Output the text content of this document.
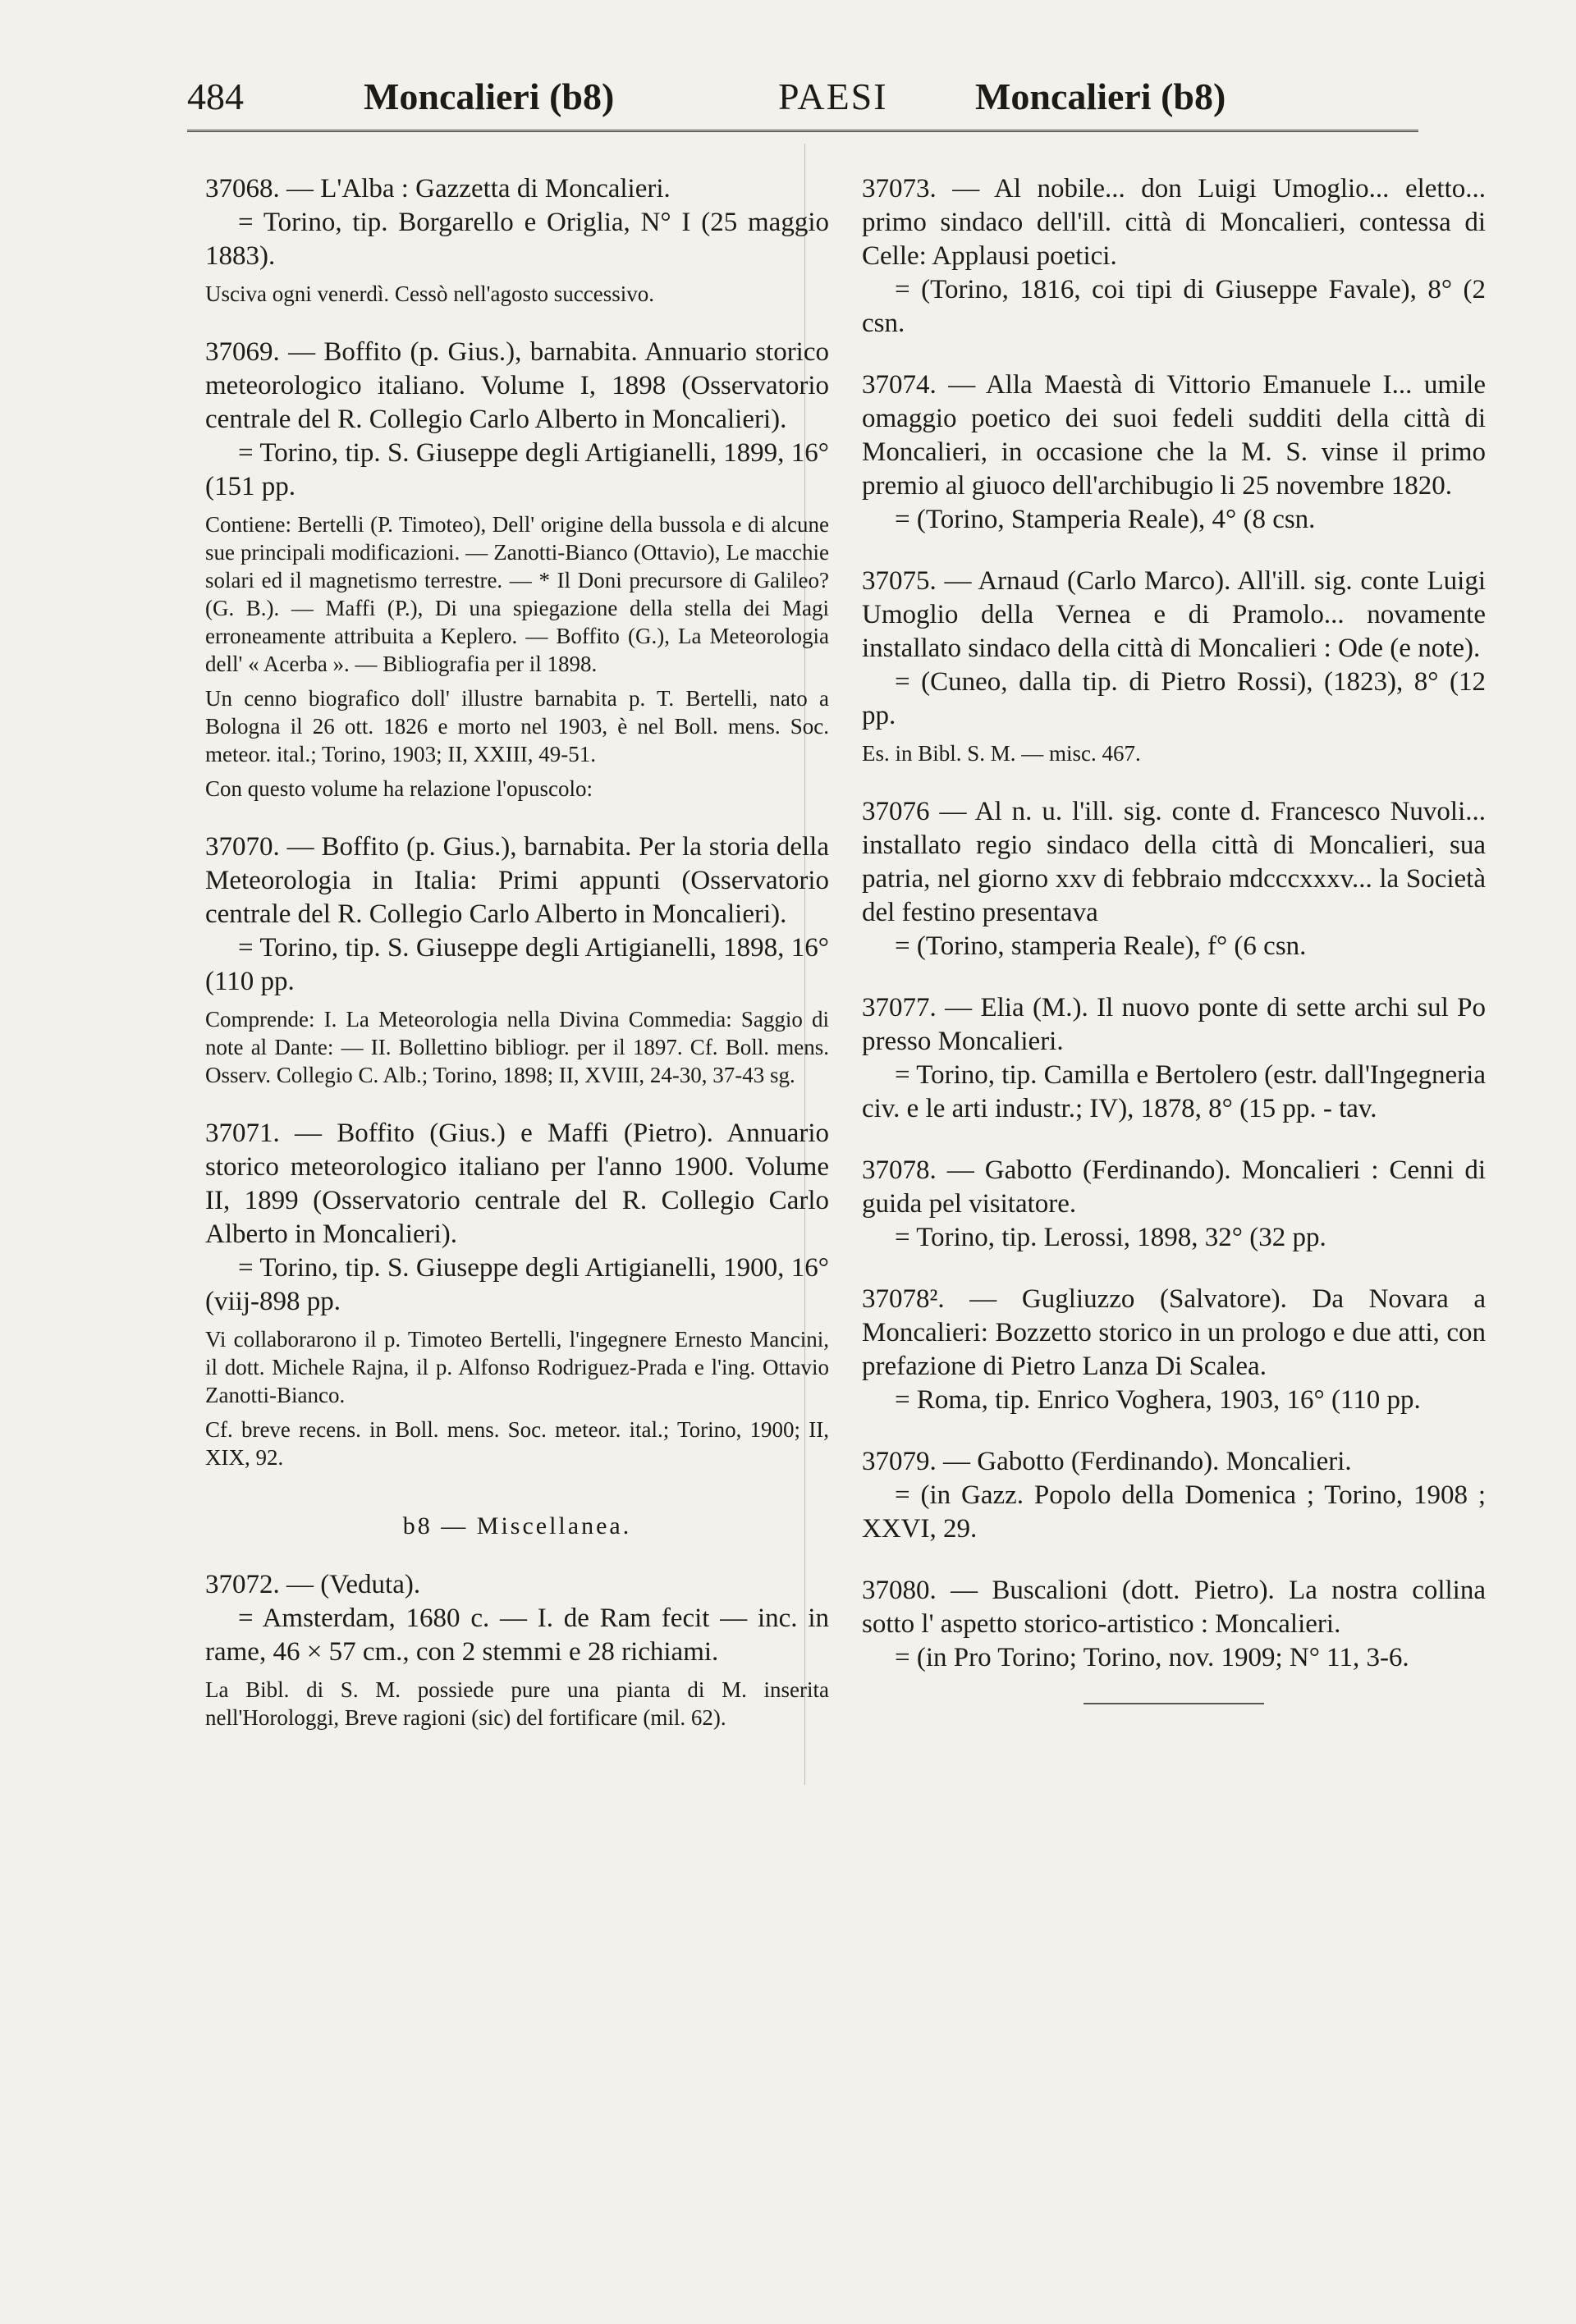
484	Moncalieri (b8)	PAESI Moncalieri (b8)

37068. — L'Alba : Gazzetta di Moncalieri.

= Torino, tip. Borgarello e Origlia, N° I (25 maggio 1883).

Usciva ogni venerdì. Cessò nell'agosto successivo.

37069. — Boffito (p. Gius.), barnabita. Annuario storico meteorologico italiano. Volume I, 1898 (Osservatorio centrale del R. Collegio Carlo Alberto in Moncalieri).

= Torino, tip. S. Giuseppe degli Artigianelli, 1899, 16° (151 pp.

Contiene: Bertelli (P. Timoteo), Dell' origine della bussola e di alcune sue principali modificazioni. — Zanotti-Bianco (Ottavio), Le macchie solari ed il magnetismo terrestre. — * Il Doni precursore di Galileo? (G. B.). — Maffi (P.), Di una spiegazione della stella dei Magi erroneamente attribuita a Keplero. — Boffito (G.), La Meteorologia dell' « Acerba ». — Bibliografia per il 1898.

Un cenno biografico doll' illustre barnabita p. T. Bertelli, nato a Bologna il 26 ott. 1826 e morto nel 1903, è nel Boll. mens. Soc. meteor. ital.; Torino, 1903; II, XXIII, 49-51.

Con questo volume ha relazione l'opuscolo:

37070. — Boffito (p. Gius.), barnabita. Per la storia della Meteorologia in Italia: Primi appunti (Osservatorio centrale del R. Collegio Carlo Alberto in Moncalieri).

= Torino, tip. S. Giuseppe degli Artigianelli, 1898, 16° (110 pp.

Comprende: I. La Meteorologia nella Divina Commedia: Saggio di note al Dante: — II. Bollettino bibliogr. per il 1897. Cf. Boll. mens. Osserv. Collegio C. Alb.; Torino, 1898; II, XVIII, 24-30, 37-43 sg.

37071. — Boffito (Gius.) e Maffi (Pietro). Annuario storico meteorologico italiano per l'anno 1900. Volume II, 1899 (Osservatorio centrale del R. Collegio Carlo Alberto in Moncalieri).

= Torino, tip. S. Giuseppe degli Artigianelli, 1900, 16° (viij-898 pp.

Vi collaborarono il p. Timoteo Bertelli, l'ingegnere Ernesto Mancini, il dott. Michele Rajna, il p. Alfonso Rodriguez-Prada e l'ing. Ottavio Zanotti-Bianco.

Cf. breve recens. in Boll. mens. Soc. meteor. ital.; Torino, 1900; II, XIX, 92.

b8 — Miscellanea.

37072. — (Veduta).

= Amsterdam, 1680 c. — I. de Ram fecit — inc. in rame, 46 × 57 cm., con 2 stemmi e 28 richiami.

La Bibl. di S. M. possiede pure una pianta di M. inserita nell'Horologgi, Breve ragioni (sic) del fortificare (mil. 62).

37073. — Al nobile... don Luigi Umoglio... eletto... primo sindaco dell'ill. città di Moncalieri, contessa di Celle: Applausi poetici.

= (Torino, 1816, coi tipi di Giuseppe Favale), 8° (2 csn.

37074. — Alla Maestà di Vittorio Emanuele I... umile omaggio poetico dei suoi fedeli sudditi della città di Moncalieri, in occasione che la M. S. vinse il primo premio al giuoco dell'archibugio li 25 novembre 1820.

= (Torino, Stamperia Reale), 4° (8 csn.

37075. — Arnaud (Carlo Marco). All'ill. sig. conte Luigi Umoglio della Vernea e di Pramolo... novamente installato sindaco della città di Moncalieri : Ode (e note).

= (Cuneo, dalla tip. di Pietro Rossi), (1823), 8° (12 pp.

Es. in Bibl. S. M. — misc. 467.

37076 — Al n. u. l'ill. sig. conte d. Francesco Nuvoli... installato regio sindaco della città di Moncalieri, sua patria, nel giorno xxv di febbraio mdcccxxxv... la Società del festino presentava

= (Torino, stamperia Reale), f° (6 csn.

37077. — Elia (M.). Il nuovo ponte di sette archi sul Po presso Moncalieri.

= Torino, tip. Camilla e Bertolero (estr. dall'Ingegneria civ. e le arti industr.; IV), 1878, 8° (15 pp. - tav.

37078. — Gabotto (Ferdinando). Moncalieri : Cenni di guida pel visitatore.

= Torino, tip. Lerossi, 1898, 32° (32 pp.

37078². — Gugliuzzo (Salvatore). Da Novara a Moncalieri: Bozzetto storico in un prologo e due atti, con prefazione di Pietro Lanza Di Scalea.

= Roma, tip. Enrico Voghera, 1903, 16° (110 pp.

37079. — Gabotto (Ferdinando). Moncalieri.

= (in Gazz. Popolo della Domenica ; Torino, 1908 ; XXVI, 29.

37080. — Buscalioni (dott. Pietro). La nostra collina sotto l' aspetto storico-artistico : Moncalieri.

= (in Pro Torino; Torino, nov. 1909; N° 11, 3-6.
